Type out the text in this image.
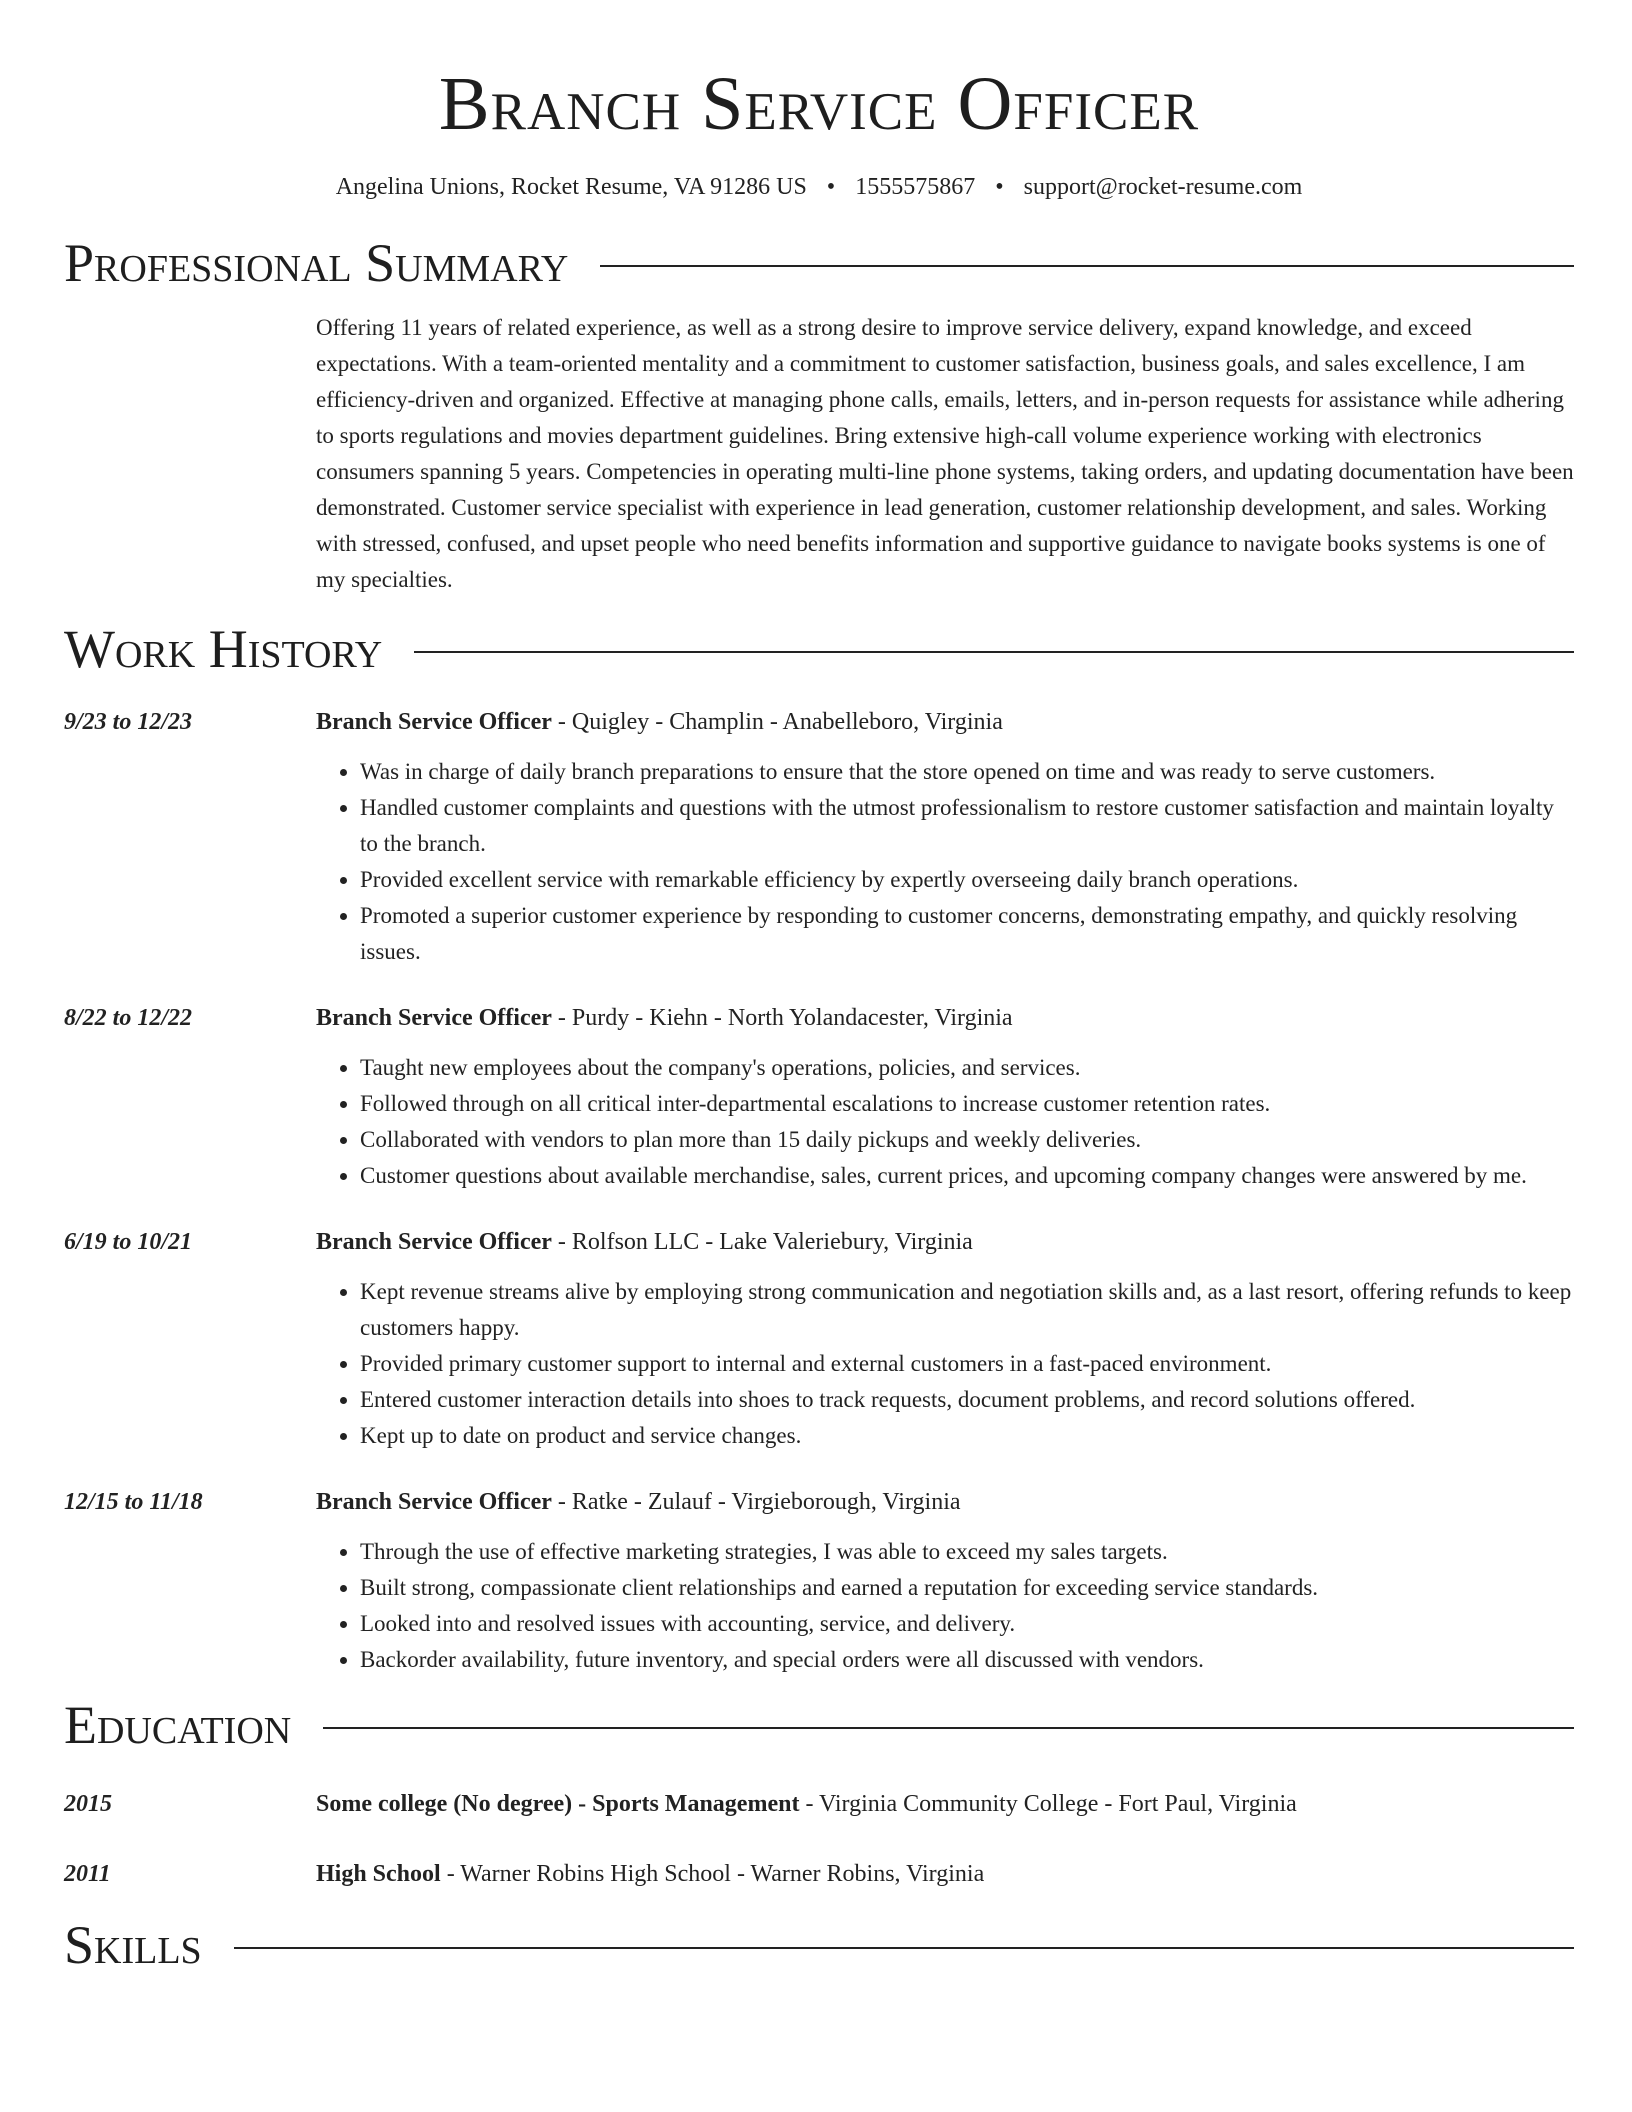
Branch Service Officer
Angelina Unions, Rocket Resume, VA 91286 US • 1555575867 • support@rocket-resume.com
Professional Summary
Offering 11 years of related experience, as well as a strong desire to improve service delivery, expand knowledge, and exceed expectations. With a team-oriented mentality and a commitment to customer satisfaction, business goals, and sales excellence, I am efficiency-driven and organized. Effective at managing phone calls, emails, letters, and in-person requests for assistance while adhering to sports regulations and movies department guidelines. Bring extensive high-call volume experience working with electronics consumers spanning 5 years. Competencies in operating multi-line phone systems, taking orders, and updating documentation have been demonstrated. Customer service specialist with experience in lead generation, customer relationship development, and sales. Working with stressed, confused, and upset people who need benefits information and supportive guidance to navigate books systems is one of my specialties.
Work History
9/23 to 12/23	Branch Service Officer - Quigley - Champlin - Anabelleboro, Virginia
• Was in charge of daily branch preparations to ensure that the store opened on time and was ready to serve customers.
• Handled customer complaints and questions with the utmost professionalism to restore customer satisfaction and maintain loyalty to the branch.
• Provided excellent service with remarkable efficiency by expertly overseeing daily branch operations.
• Promoted a superior customer experience by responding to customer concerns, demonstrating empathy, and quickly resolving issues.
8/22 to 12/22	Branch Service Officer - Purdy - Kiehn - North Yolandacester, Virginia
• Taught new employees about the company's operations, policies, and services.
• Followed through on all critical inter-departmental escalations to increase customer retention rates.
• Collaborated with vendors to plan more than 15 daily pickups and weekly deliveries.
• Customer questions about available merchandise, sales, current prices, and upcoming company changes were answered by me.
6/19 to 10/21	Branch Service Officer - Rolfson LLC - Lake Valeriebury, Virginia
• Kept revenue streams alive by employing strong communication and negotiation skills and, as a last resort, offering refunds to keep customers happy.
• Provided primary customer support to internal and external customers in a fast-paced environment.
• Entered customer interaction details into shoes to track requests, document problems, and record solutions offered.
• Kept up to date on product and service changes.
12/15 to 11/18	Branch Service Officer - Ratke - Zulauf - Virgieborough, Virginia
• Through the use of effective marketing strategies, I was able to exceed my sales targets.
• Built strong, compassionate client relationships and earned a reputation for exceeding service standards.
• Looked into and resolved issues with accounting, service, and delivery.
• Backorder availability, future inventory, and special orders were all discussed with vendors.
Education
2015	Some college (No degree) - Sports Management - Virginia Community College - Fort Paul, Virginia
2011	High School - Warner Robins High School - Warner Robins, Virginia
Skills
